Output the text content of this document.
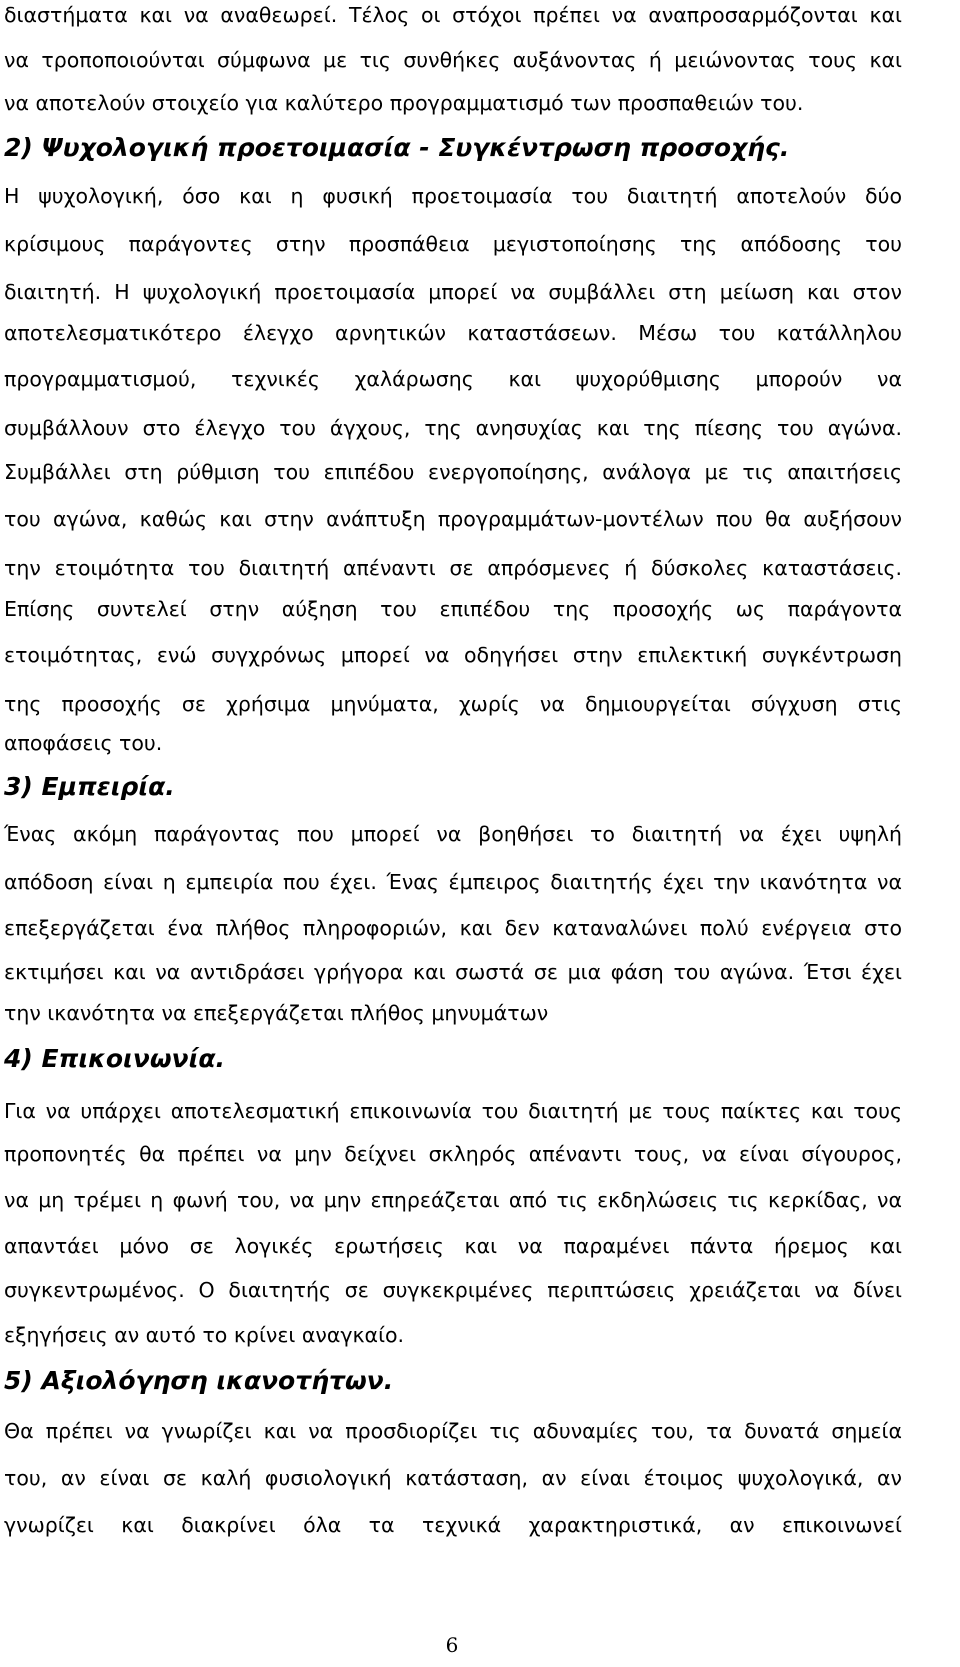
διαστήματα και να αναθεωρεί. Τέλος οι στόχοι πρέπει να αναπροσαρμόζονται και
να τροποποιούνται σύμφωνα με τις συνθήκες αυξάνοντας ή μειώνοντας τους και
να αποτελούν στοιχείο για καλύτερο προγραμματισμό των προσπαθειών του.
2) Ψυχολογική προετοιμασία - Συγκέντρωση προσοχής.
Η ψυχολογική, όσο και η φυσική προετοιμασία του διαιτητή αποτελούν δύο
κρίσιμους παράγοντες στην προσπάθεια μεγιστοποίησης της απόδοσης του
διαιτητή. Η ψυχολογική προετοιμασία μπορεί να συμβάλλει στη μείωση και στον
αποτελεσματικότερο έλεγχο αρνητικών καταστάσεων. Μέσω του κατάλληλου
προγραμματισμού, τεχνικές χαλάρωσης και ψυχορύθμισης μπορούν να
συμβάλλουν στο έλεγχο του άγχους, της ανησυχίας και της πίεσης του αγώνα.
Συμβάλλει στη ρύθμιση του επιπέδου ενεργοποίησης, ανάλογα με τις απαιτήσεις
του αγώνα, καθώς και στην ανάπτυξη προγραμμάτων-μοντέλων που θα αυξήσουν
την ετοιμότητα του διαιτητή απέναντι σε απρόσμενες ή δύσκολες καταστάσεις.
Επίσης συντελεί στην αύξηση του επιπέδου της προσοχής ως παράγοντα
ετοιμότητας, ενώ συγχρόνως μπορεί να οδηγήσει στην επιλεκτική συγκέντρωση
της προσοχής σε χρήσιμα μηνύματα, χωρίς να δημιουργείται σύγχυση στις
αποφάσεις του.
3) Εμπειρία.
Ένας ακόμη παράγοντας που μπορεί να βοηθήσει το διαιτητή να έχει υψηλή
απόδοση είναι η εμπειρία που έχει. Ένας έμπειρος διαιτητής έχει την ικανότητα να
επεξεργάζεται ένα πλήθος πληροφοριών, και δεν καταναλώνει πολύ ενέργεια στο
εκτιμήσει και να αντιδράσει γρήγορα και σωστά σε μια φάση του αγώνα. Έτσι έχει
την ικανότητα να επεξεργάζεται πλήθος μηνυμάτων
4) Επικοινωνία.
Για να υπάρχει αποτελεσματική επικοινωνία του διαιτητή με τους παίκτες και τους
προπονητές θα πρέπει να μην δείχνει σκληρός απέναντι τους, να είναι σίγουρος,
να μη τρέμει η φωνή του, να μην επηρεάζεται από τις εκδηλώσεις τις κερκίδας, να
απαντάει μόνο σε λογικές ερωτήσεις και να παραμένει πάντα ήρεμος και
συγκεντρωμένος. Ο διαιτητής σε συγκεκριμένες περιπτώσεις χρειάζεται να δίνει
εξηγήσεις αν αυτό το κρίνει αναγκαίο.
5) Αξιολόγηση ικανοτήτων.
Θα πρέπει να γνωρίζει και να προσδιορίζει τις αδυναμίες του, τα δυνατά σημεία
του, αν είναι σε καλή φυσιολογική κατάσταση, αν είναι έτοιμος ψυχολογικά, αν
γνωρίζει και διακρίνει όλα τα τεχνικά χαρακτηριστικά, αν επικοινωνεί
6
